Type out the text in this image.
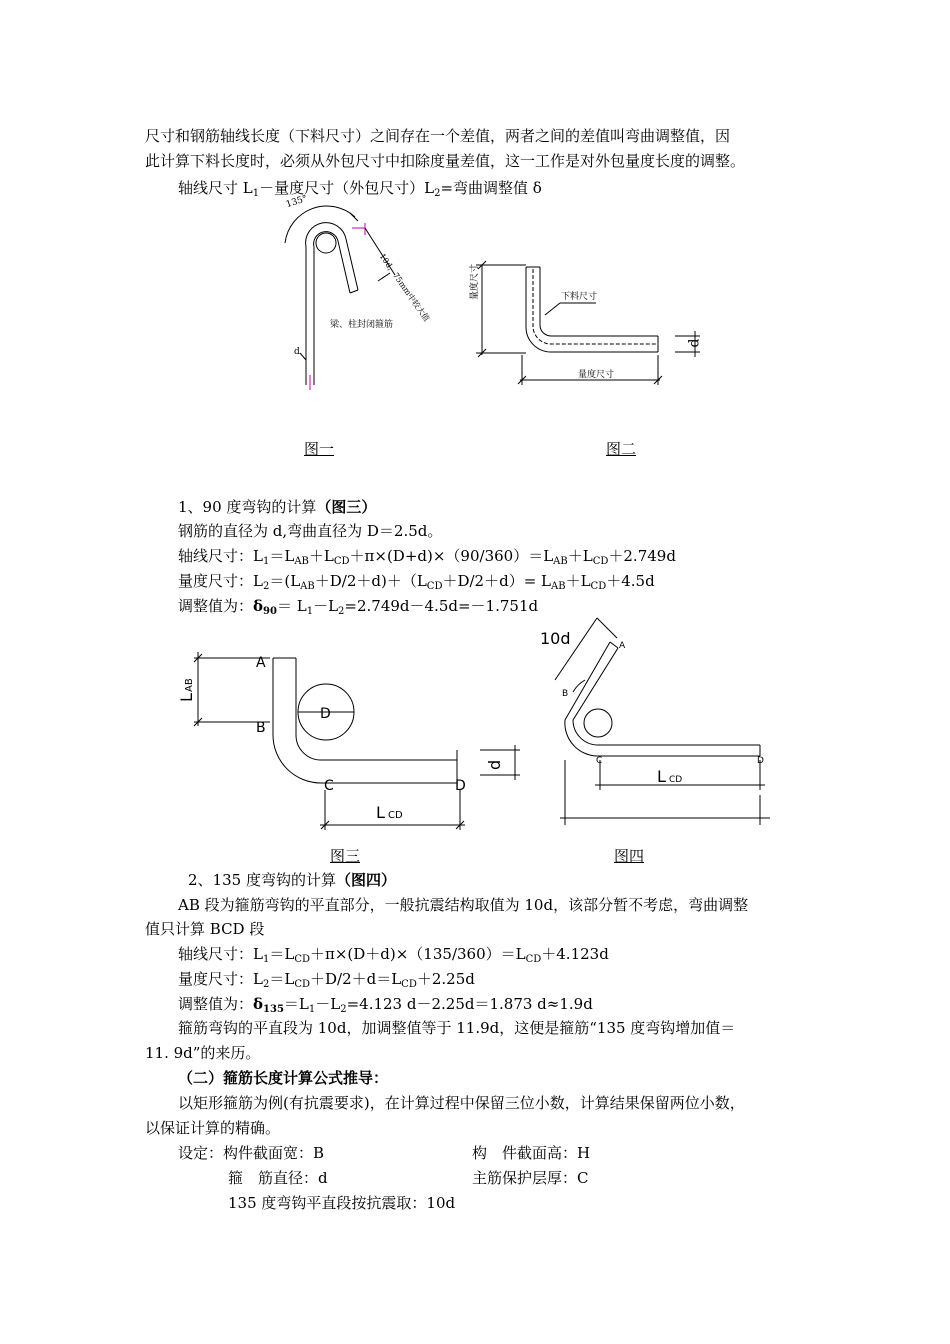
尺寸和钢筋轴线长度（下料尺寸）之间存在一个差值，两者之间的差值叫弯曲调整值，因
此计算下料长度时，必须从外包尺寸中扣除度量差值，这一工作是对外包量度长度的调整。
轴线尺寸 $L_1-$量度尺寸（外包尺寸）$L_2=$弯曲调整值 δ
135°
10d，75mm中较大值
梁、柱封闭箍筋
d
图一
下料尺寸
量度尺寸
量度尺寸
d
图二
1、90 度弯钩的计算（图三）
钢筋的直径为 d,弯曲直径为 D＝2.5d。
轴线尺寸：$L_1=L_{AB}+L_{CD}+\pi\times(D+d)\times(90/360)=L_{AB}+L_{CD}+2.749d$
量度尺寸：$L_2=(L_{AB}+D/2+d)+(L_{CD}+D/2+d)= L_{AB}+L_{CD}+4.5d$
调整值为：$\delta_{90}= L_1-L_2=2.749d-4.5d=-1.751d$
A
B
C	D
D
L
AB
L CD
d
图三
10d	A
B
C	D
L CD
图四
2、135 度弯钩的计算（图四）
AB 段为箍筋弯钩的平直部分，一般抗震结构取值为 10d，该部分暂不考虑，弯曲调整
值只计算 BCD 段
轴线尺寸：$L_1=L_{CD}+\pi\times(D+d)\times(135/360)=L_{CD}+4.123d$
量度尺寸：$L_2=L_{CD}+D/2+d=L_{CD}+2.25d$
调整值为：$\delta_{135}=L_1-L_2=4.123$ d－2.25d＝1.873 d≈1.9d
箍筋弯钩的平直段为 10d，加调整值等于 11.9d，这便是箍筋“135 度弯钩增加值＝
11. 9d”的来历。
（二）箍筋长度计算公式推导：
以矩形箍筋为例(有抗震要求)，在计算过程中保留三位小数，计算结果保留两位小数，
以保证计算的精确。
设定：构件截面宽：B	构　件截面高：H
箍　筋直径：d	主筋保护层厚：C
135 度弯钩平直段按抗震取：10d
